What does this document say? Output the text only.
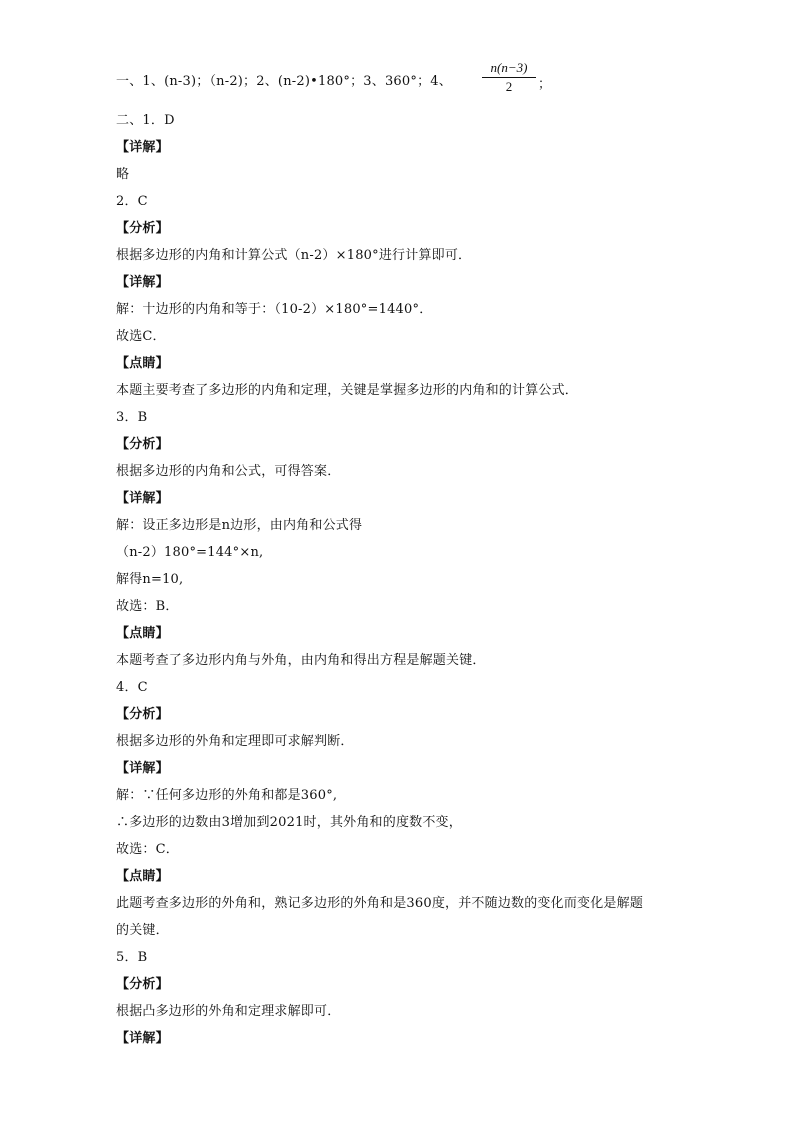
一、1、(n-3)；（n-2)；2、(n-2)•180°；3、360°；4、
n(n−3)
2	；
二、1．D
【详解】
略
2．C
【分析】
根据多边形的内角和计算公式（n-2）×180°进行计算即可．
【详解】
解：十边形的内角和等于：（10-2）×180°=1440°．
故选C．
【点睛】
本题主要考查了多边形的内角和定理，关键是掌握多边形的内角和的计算公式．
3．B
【分析】
根据多边形的内角和公式，可得答案．
【详解】
解：设正多边形是n边形，由内角和公式得
（n-2）180°=144°×n,
解得n=10,
故选：B．
【点睛】
本题考查了多边形内角与外角，由内角和得出方程是解题关键．
4．C
【分析】
根据多边形的外角和定理即可求解判断．
【详解】
解：∵任何多边形的外角和都是360°,
∴多边形的边数由3增加到2021时，其外角和的度数不变，
故选：C．
【点睛】
此题考查多边形的外角和，熟记多边形的外角和是360度，并不随边数的变化而变化是解题
的关键．
5．B
【分析】
根据凸多边形的外角和定理求解即可．
【详解】
